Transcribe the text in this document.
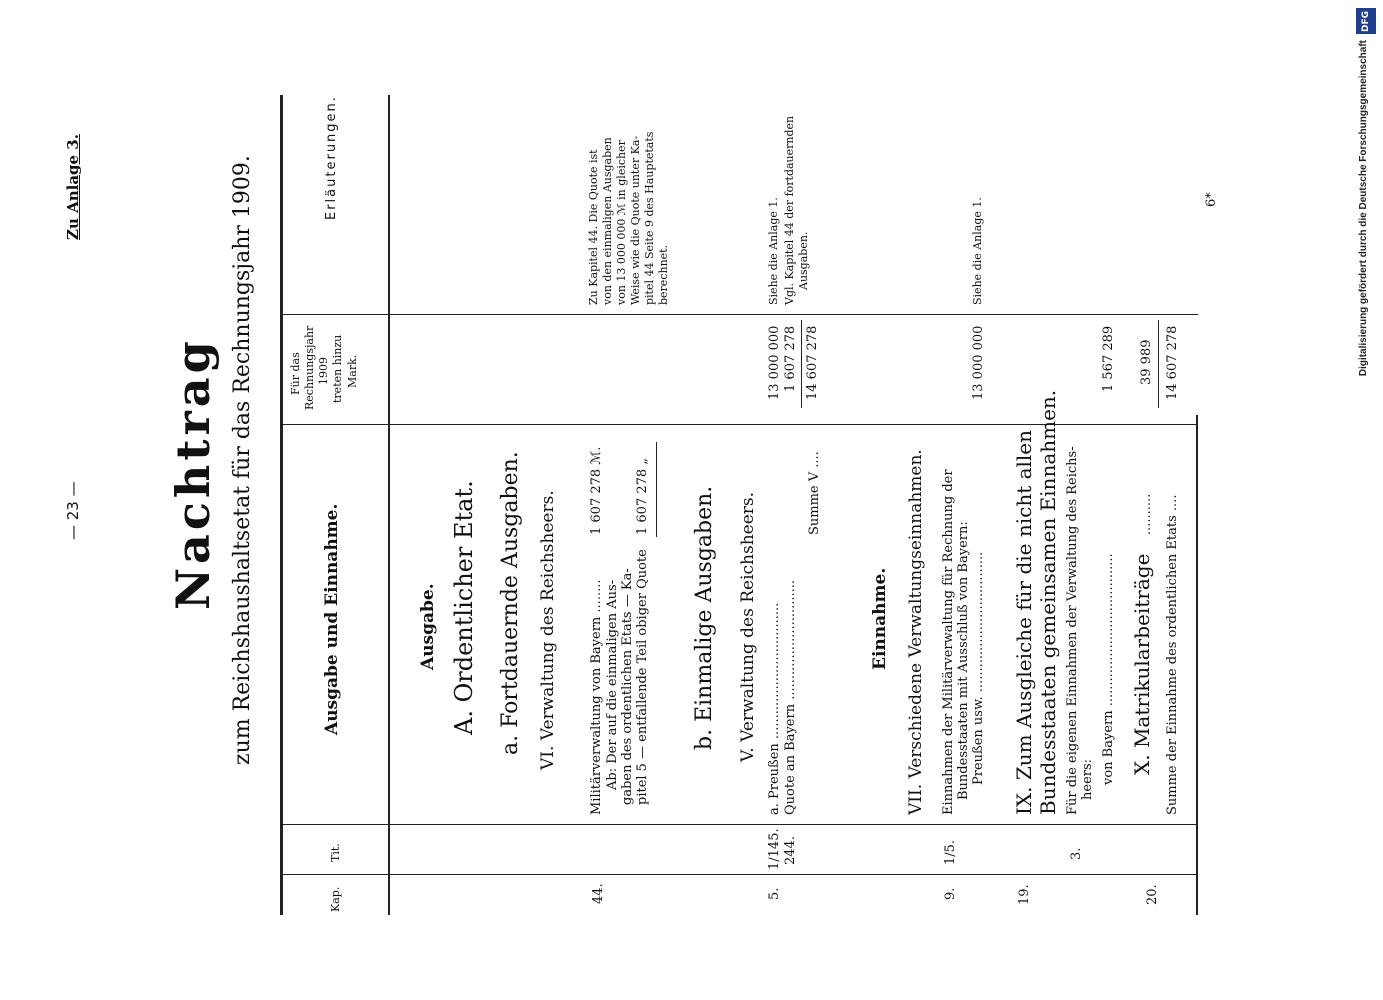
— 23 —
Zu Anlage 3.
Nachtrag zum Reichshaushaltsetat für das Rechnungsjahr 1909.
Kap.
Tit.
Ausgabe und Einnahme.
Für das Rechnungsjahr 1909 treten hinzu Mark.
Erläuterungen.
Ausgabe. A. Ordentlicher Etat. a. Fortdauernde Ausgaben. VI. Verwaltung des Reichsheers.
44.
Militärverwaltung von Bayern ........
1 607 278 ℳ.
Ab: Der auf die einmaligen Aus- gaben des ordentlichen Etats — Ka- pitel 5 — entfallende Teil obiger Quote
1 607 278 „
Zu Kapitel 44. Die Quote ist von den einmaligen Ausgaben von 13 000 000 ℳ in gleicher Weise wie die Quote unter Ka- pitel 44 Seite 9 des Hauptetats berechnet.
b. Einmalige Ausgaben. V. Verwaltung des Reichsheers.
5.
1/145. 244.
a. Preußen ................................. Quote an Bayern .............................
13 000 000 1 607 278
Summe V ....
14 607 278
Siehe die Anlage 1. Vgl. Kapitel 44 der fortdauernden Ausgaben.
Einnahme. VII. Verschiedene Verwaltungseinnahmen.
9.
1/5.
Einnahmen der Militärverwaltung für Rechnung der Bundesstaaten mit Ausschluß von Bayern: Preußen usw. ..................................
13 000 000
Siehe die Anlage 1.
IX. Zum Ausgleiche für die nicht allen Bundesstaaten gemeinsamen Einnahmen.
19.
3.
Für die eigenen Einnahmen der Verwaltung des Reichs- heers: von Bayern .....................................
1 567 289
20.
X. Matrikularbeiträge
..........
39 989
Summe der Einnahme des ordentlichen Etats ....
14 607 278
6*
DFG
Digitalisierung gefördert durch die Deutsche Forschungsgemeinschaft
